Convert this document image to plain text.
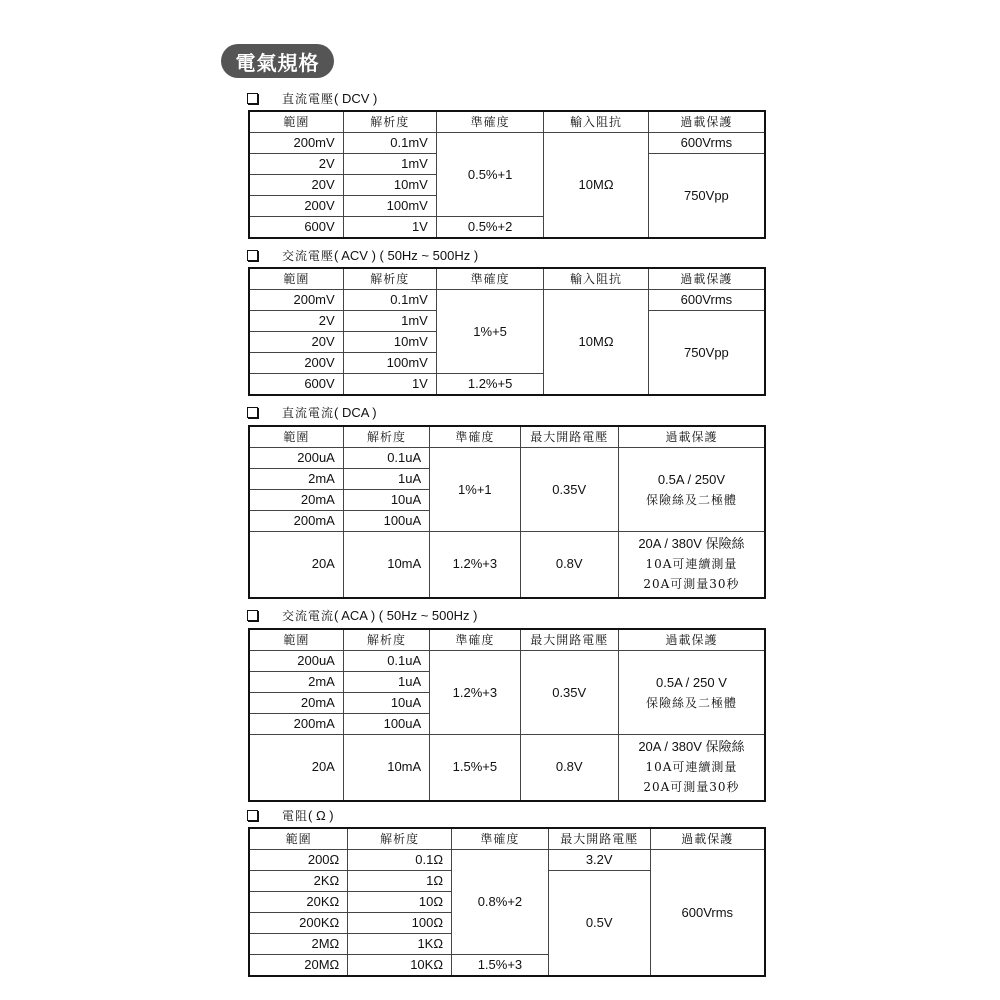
電氣規格
直流電壓 ( DCV )
範圍	解析度	準確度	輸入阻抗	過載保護
200mV	0.1mV	0.5%+1	10MΩ	600Vrms
2V	1mV			750Vpp
20V	10mV			
200V	100mV			
600V	1V	0.5%+2		
交流電壓 ( ACV ) ( 50Hz ~ 500Hz )
範圍	解析度	準確度	輸入阻抗	過載保護
200mV	0.1mV	1%+5	10MΩ	600Vrms
2V	1mV			750Vpp
20V	10mV			
200V	100mV			
600V	1V	1.2%+5		
直流電流 ( DCA )
範圍	解析度	準確度	最大開路電壓	過載保護
200uA	0.1uA	1%+1	0.35V	0.5A / 250V
保險絲及二極體

2mA	1uA			
20mA	10uA			
200mA	100uA			
20A	10mA	1.2%+3	0.8V	20A / 380V 保險絲
10A可連續測量
20A可測量30秒
交流電流 ( ACA ) ( 50Hz ~ 500Hz )
範圍	解析度	準確度	最大開路電壓	過載保護
200uA	0.1uA	1.2%+3	0.35V	0.5A / 250 V
保險絲及二極體

2mA	1uA			
20mA	10uA			
200mA	100uA			
20A	10mA	1.5%+5	0.8V	20A / 380V 保險絲
10A可連續測量
20A可測量30秒
電阻 ( Ω )
範圍	解析度	準確度	最大開路電壓	過載保護
200Ω	0.1Ω	0.8%+2	3.2V	600Vrms
2KΩ	1Ω		0.5V	
20KΩ	10Ω			
200KΩ	100Ω			
2MΩ	1KΩ			
20MΩ	10KΩ	1.5%+3		
